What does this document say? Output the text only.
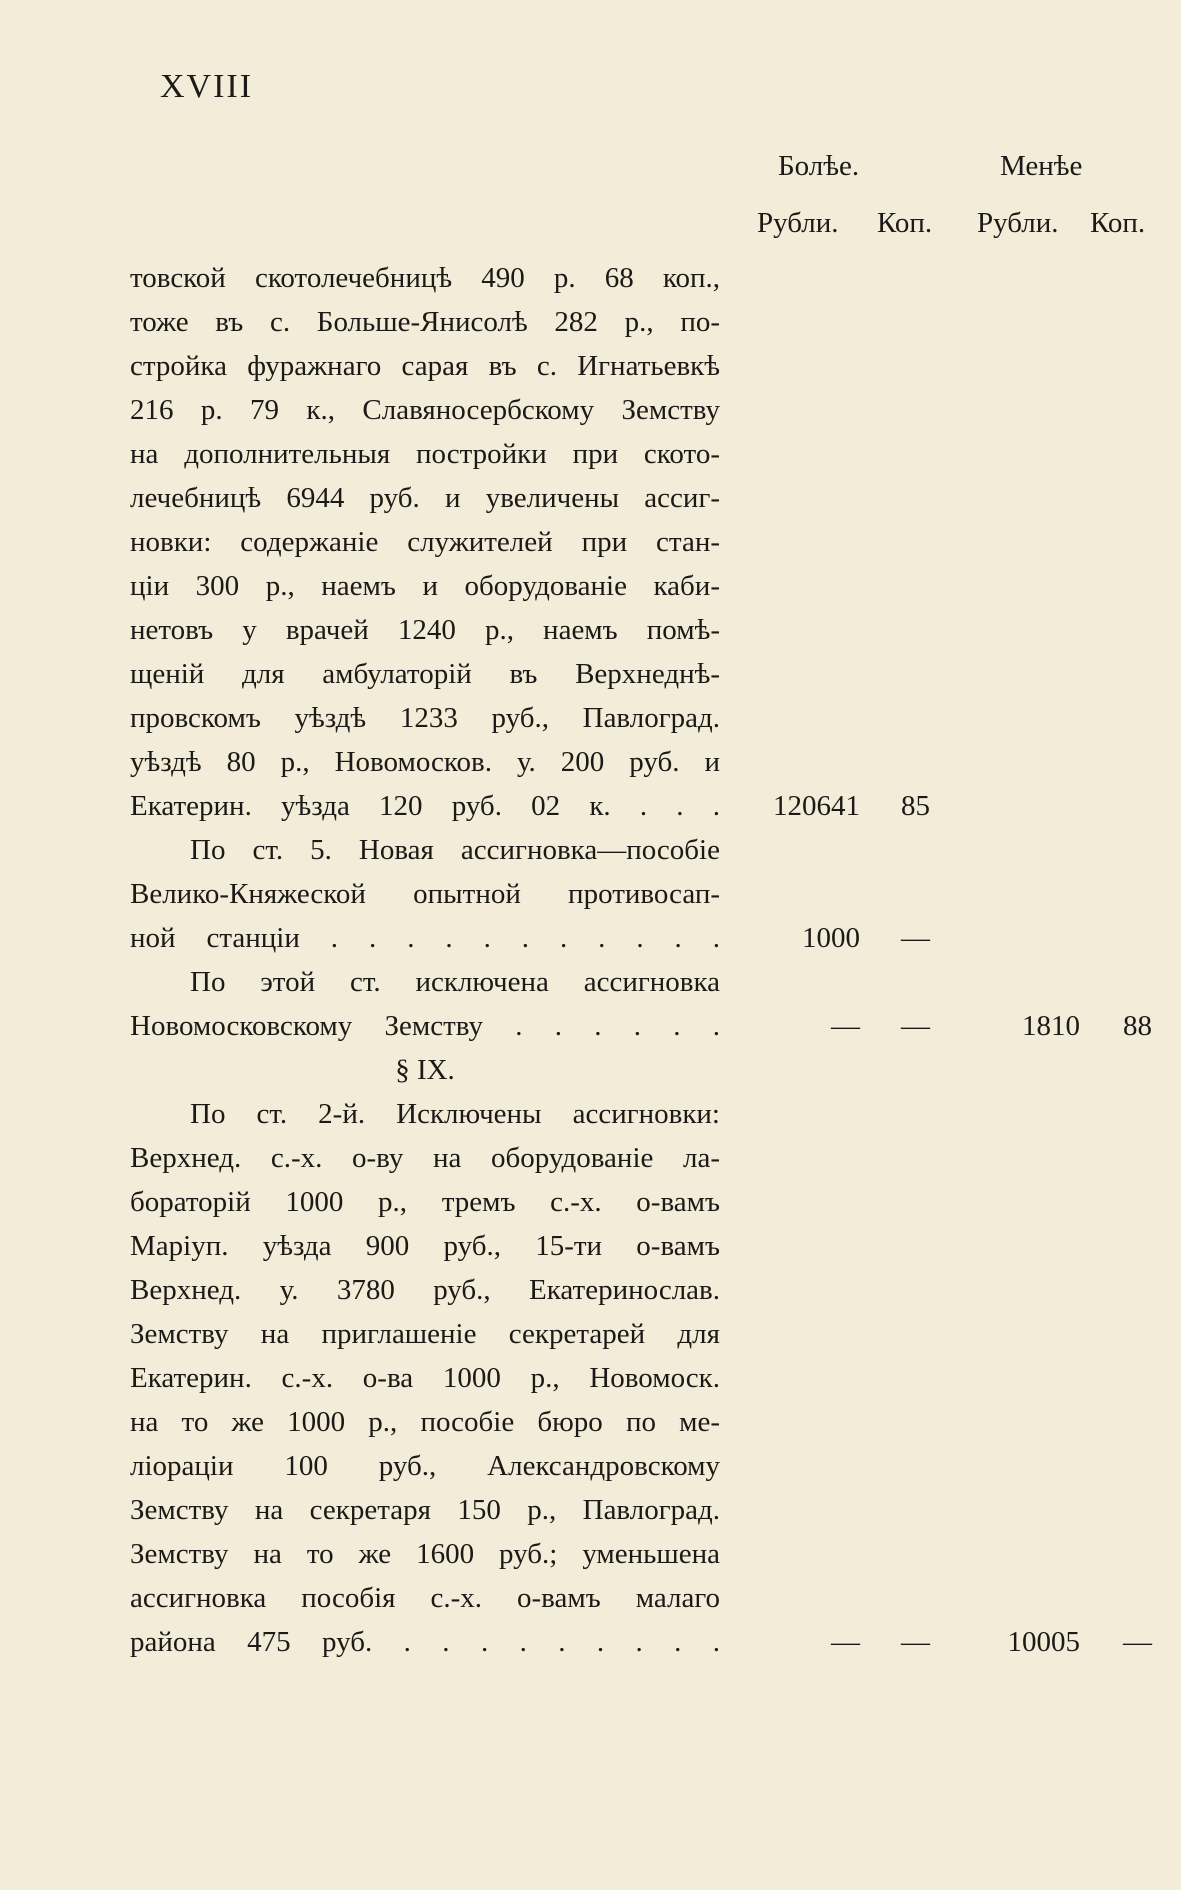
XVIII
Болѣе.	Менѣе
Рубли. Коп. Рубли. Коп.
товской скотолечебницѣ 490 р. 68 коп.,
тоже въ с. Больше-Янисолѣ 282 р., по-
стройка фуражнаго сарая въ с. Игнатьевкѣ
216 р. 79 к., Славяносербскому Земству
на дополнительныя постройки при ското-
лечебницѣ 6944 руб. и увеличены ассиг-
новки: содержаніе служителей при стан-
ціи 300 р., наемъ и оборудованіе каби-
нетовъ у врачей 1240 р., наемъ помѣ-
щеній для амбулаторій въ Верхнеднѣ-
провскомъ уѣздѣ 1233 руб., Павлоград.
уѣздѣ 80 р., Новомосков. у. 200 руб. и
Екатерин. уѣзда 120 руб. 02 к. . . .	120641	85
По ст. 5. Новая ассигновка—пособіе
Велико-Княжеской опытной противосап-
ной станціи . . . . . . . . . . .	1000	—
По этой ст. исключена ассигновка
Новомосковскому Земству . . . . . .	—	—	1810	88
§ IX.
По ст. 2-й. Исключены ассигновки:
Верхнед. с.-х. о-ву на оборудованіе ла-
бораторій 1000 р., тремъ с.-х. о-вамъ
Маріуп. уѣзда 900 руб., 15-ти о-вамъ
Верхнед. у. 3780 руб., Екатеринослав.
Земству на приглашеніе секретарей для
Екатерин. с.-х. о-ва 1000 р., Новомоск.
на то же 1000 р., пособіе бюро по ме-
ліораціи 100 руб., Александровскому
Земству на секретаря 150 р., Павлоград.
Земству на то же 1600 руб.; уменьшена
ассигновка пособія с.-х. о-вамъ малаго
района 475 руб. . . . . . . . . .	—	—	10005	—
